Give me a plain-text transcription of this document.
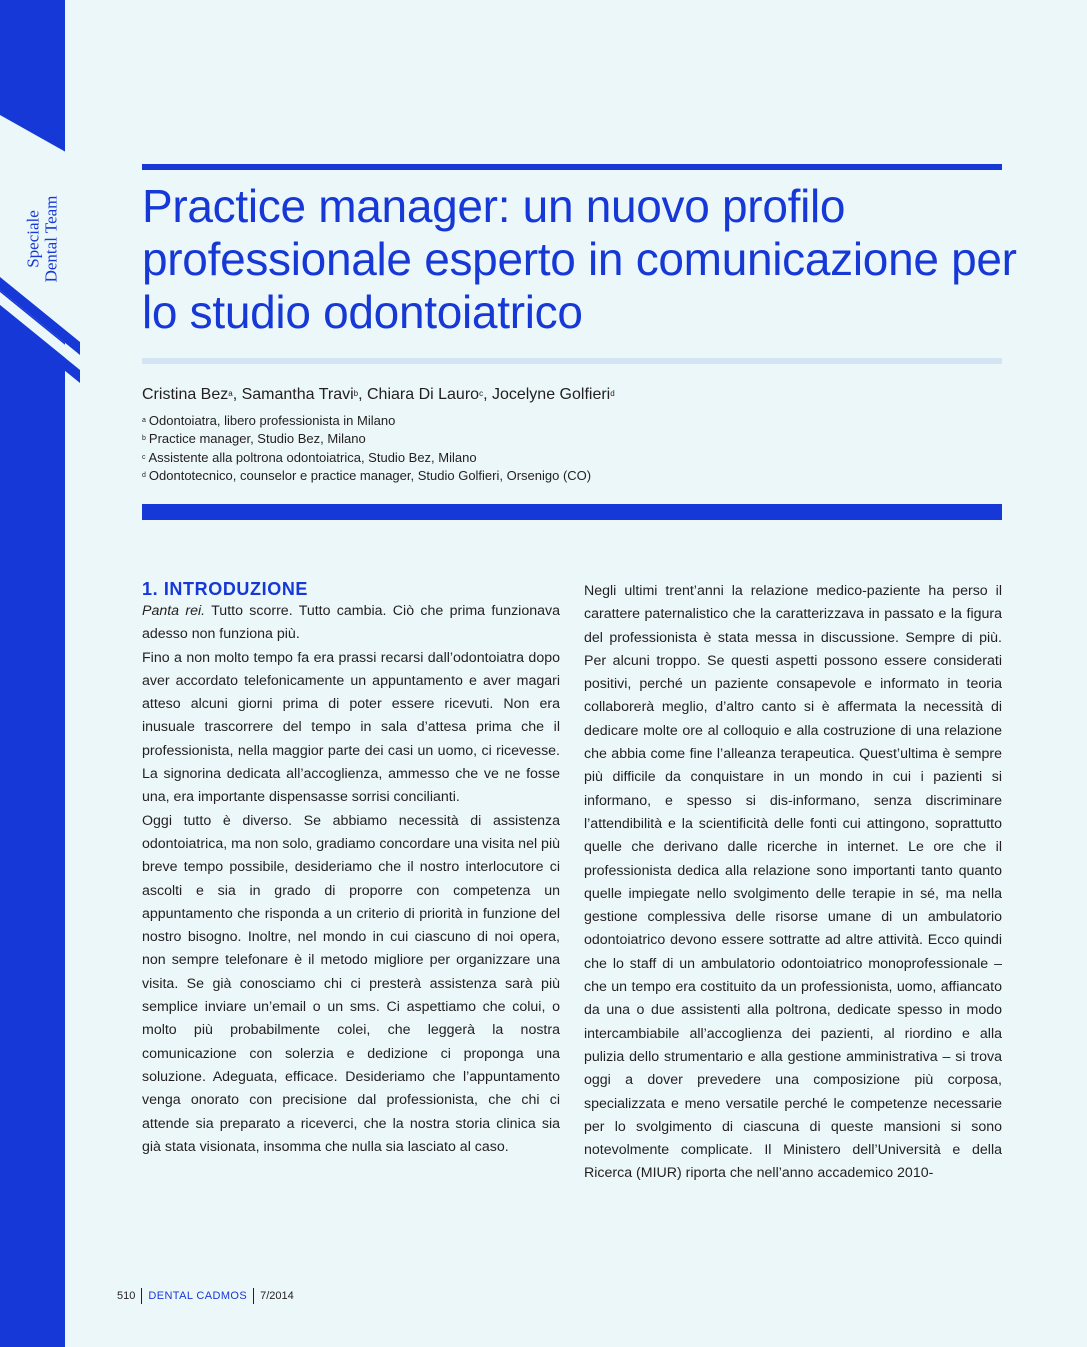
Speciale Dental Team Practice manager: un nuovo profilo professionale esperto in comunicazione per lo studio odontoiatrico
Cristina Bez$^a$, Samantha Travi$^b$, Chiara Di Lauro$^c$, Jocelyne Golfieri$^d$
$^a$ Odontoiatra, libero professionista in Milano
$^b$ Practice manager, Studio Bez, Milano
$^c$ Assistente alla poltrona odontoiatrica, Studio Bez, Milano
$^d$ Odontotecnico, counselor e practice manager, Studio Golfieri, Orsenigo (CO)
1. INTRODUZIONE

Panta rei. Tutto scorre. Tutto cambia. Ciò che prima funzionava adesso non funziona più.

Fino a non molto tempo fa era prassi recarsi dall’odontoiatra dopo aver accordato telefonicamente un appuntamento e aver magari atteso alcuni giorni prima di poter essere ricevuti. Non era inusuale trascorrere del tempo in sala d’attesa prima che il professionista, nella maggior parte dei casi un uomo, ci ricevesse. La signorina dedicata all’accoglienza, ammesso che ve ne fosse una, era importante dispensasse sorrisi concilianti.

Oggi tutto è diverso. Se abbiamo necessità di assistenza odontoiatrica, ma non solo, gradiamo concordare una visita nel più breve tempo possibile, desideriamo che il nostro interlocutore ci ascolti e sia in grado di proporre con competenza un appuntamento che risponda a un criterio di priorità in funzione del nostro bisogno. Inoltre, nel mondo in cui ciascuno di noi opera, non sempre telefonare è il metodo migliore per organizzare una visita. Se già conosciamo chi ci presterà assistenza sarà più semplice inviare un’email o un sms. Ci aspettiamo che colui, o molto più probabilmente colei, che leggerà la nostra comunicazione con solerzia e dedizione ci proponga una soluzione. Adeguata, efficace. Desideriamo che l’appuntamento venga onorato con precisione dal professionista, che chi ci attende sia preparato a riceverci, che la nostra storia clinica sia già stata visionata, insomma che nulla sia lasciato al caso.

Negli ultimi trent’anni la relazione medico-paziente ha perso il carattere paternalistico che la caratterizzava in passato e la figura del professionista è stata messa in discussione. Sempre di più. Per alcuni troppo. Se questi aspetti possono essere considerati positivi, perché un paziente consapevole e informato in teoria collaborerà meglio, d’altro canto si è affermata la necessità di dedicare molte ore al colloquio e alla costruzione di una relazione che abbia come fine l’alleanza terapeutica. Quest’ultima è sempre più difficile da conquistare in un mondo in cui i pazienti si informano, e spesso si dis-informano, senza discriminare l’attendibilità e la scientificità delle fonti cui attingono, soprattutto quelle che derivano dalle ricerche in internet. Le ore che il professionista dedica alla relazione sono importanti tanto quanto quelle impiegate nello svolgimento delle terapie in sé, ma nella gestione complessiva delle risorse umane di un ambulatorio odontoiatrico devono essere sottratte ad altre attività. Ecco quindi che lo staff di un ambulatorio odontoiatrico monoprofessionale – che un tempo era costituito da un professionista, uomo, affiancato da una o due assistenti alla poltrona, dedicate spesso in modo intercambiabile all’accoglienza dei pazienti, al riordino e alla pulizia dello strumentario e alla gestione amministrativa – si trova oggi a dover prevedere una composizione più corposa, specializzata e meno versatile perché le competenze necessarie per lo svolgimento di ciascuna di queste mansioni si sono notevolmente complicate. Il Ministero dell’Università e della Ricerca (MIUR) riporta che nell’anno accademico 2010-

510 DENTAL CADMOS 7/2014
